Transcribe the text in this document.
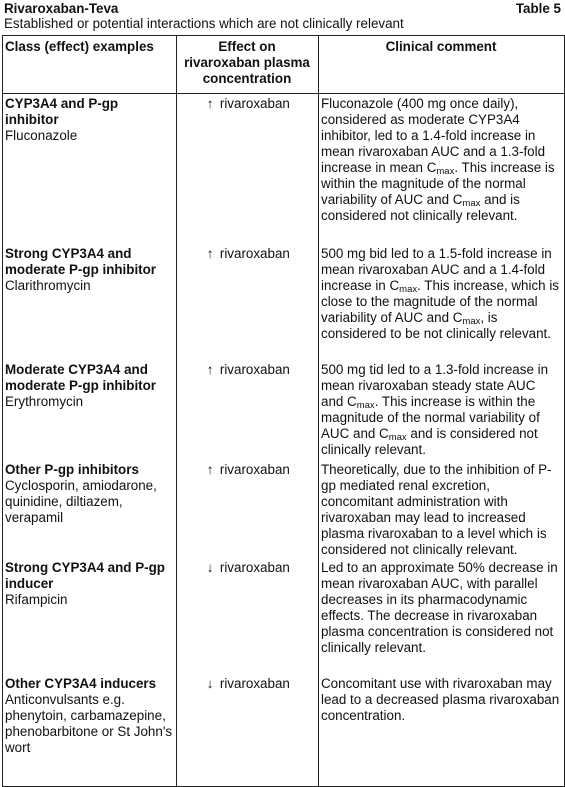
Rivaroxaban-Teva	Table 5
Established or potential interactions which are not clinically relevant
Class (effect) examples	Effect on rivaroxaban plasma concentration	Clinical comment

CYP3A4 and P-gp inhibitor
Fluconazole	↑ rivaroxaban	Fluconazole (400 mg once daily), considered as moderate CYP3A4 inhibitor, led to a 1.4-fold increase in mean rivaroxaban AUC and a 1.3-fold increase in mean $C_{max}$. This increase is within the magnitude of the normal variability of AUC and $C_{max}$ and is considered not clinically relevant.

Strong CYP3A4 and moderate P-gp inhibitor
Clarithromycin	↑ rivaroxaban	500 mg bid led to a 1.5-fold increase in mean rivaroxaban AUC and a 1.4-fold increase in $C_{max}$. This increase, which is close to the magnitude of the normal variability of AUC and $C_{max}$, is considered to be not clinically relevant.

Moderate CYP3A4 and moderate P-gp inhibitor
Erythromycin	↑ rivaroxaban	500 mg tid led to a 1.3-fold increase in mean rivaroxaban steady state AUC and $C_{max}$. This increase is within the magnitude of the normal variability of AUC and $C_{max}$ and is considered not clinically relevant.

Other P-gp inhibitors
Cyclosporin, amiodarone, quinidine, diltiazem, verapamil	↑ rivaroxaban	Theoretically, due to the inhibition of P-gp mediated renal excretion, concomitant administration with rivaroxaban may lead to increased plasma rivaroxaban to a level which is considered not clinically relevant.

Strong CYP3A4 and P-gp inducer
Rifampicin	↓ rivaroxaban	Led to an approximate 50% decrease in mean rivaroxaban AUC, with parallel decreases in its pharmacodynamic effects. The decrease in rivaroxaban plasma concentration is considered not clinically relevant.

Other CYP3A4 inducers
Anticonvulsants e.g. phenytoin, carbamazepine, phenobarbitone or St John's wort	↓ rivaroxaban	Concomitant use with rivaroxaban may lead to a decreased plasma rivaroxaban concentration.
